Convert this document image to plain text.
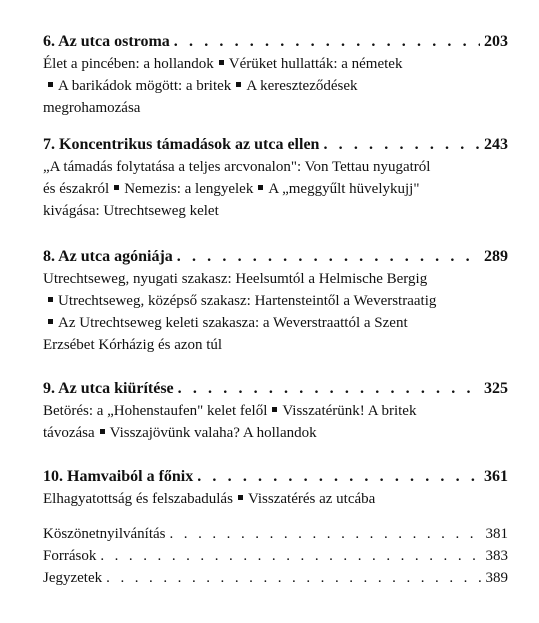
6. Az utca ostroma . . .	203

Élet a pincében: a hollandok Vérüket hullatták: a németek

A barikádok mögött: a britek A kereszteződések

megrohamozása

7. Koncentrikus támadások az utca ellen . . .	243

„A támadás folytatása a teljes arcvonalon": Von Tettau nyugatról

és északról Nemezis: a lengyelek A „meggyűlt hüvelykujj"

kivágása: Utrechtseweg kelet

8. Az utca agóniája . . .	289

Utrechtseweg, nyugati szakasz: Heelsumtól a Helmische Bergig

Utrechtseweg, középső szakasz: Hartensteintől a Weverstraatig

Az Utrechtseweg keleti szakasza: a Weverstraattól a Szent

Erzsébet Kórházig és azon túl

9. Az utca kiürítése . . .	325

Betörés: a „Hohenstaufen" kelet felől Visszatérünk! A britek

távozása Visszajövünk valaha? A hollandok

10. Hamvaiból a főnix . . .	361

Elhagyatottság és felszabadulás Visszatérés az utcába

Köszönetnyilvánítás . . .	381
Források . . .	383
Jegyzetek . . .	389
